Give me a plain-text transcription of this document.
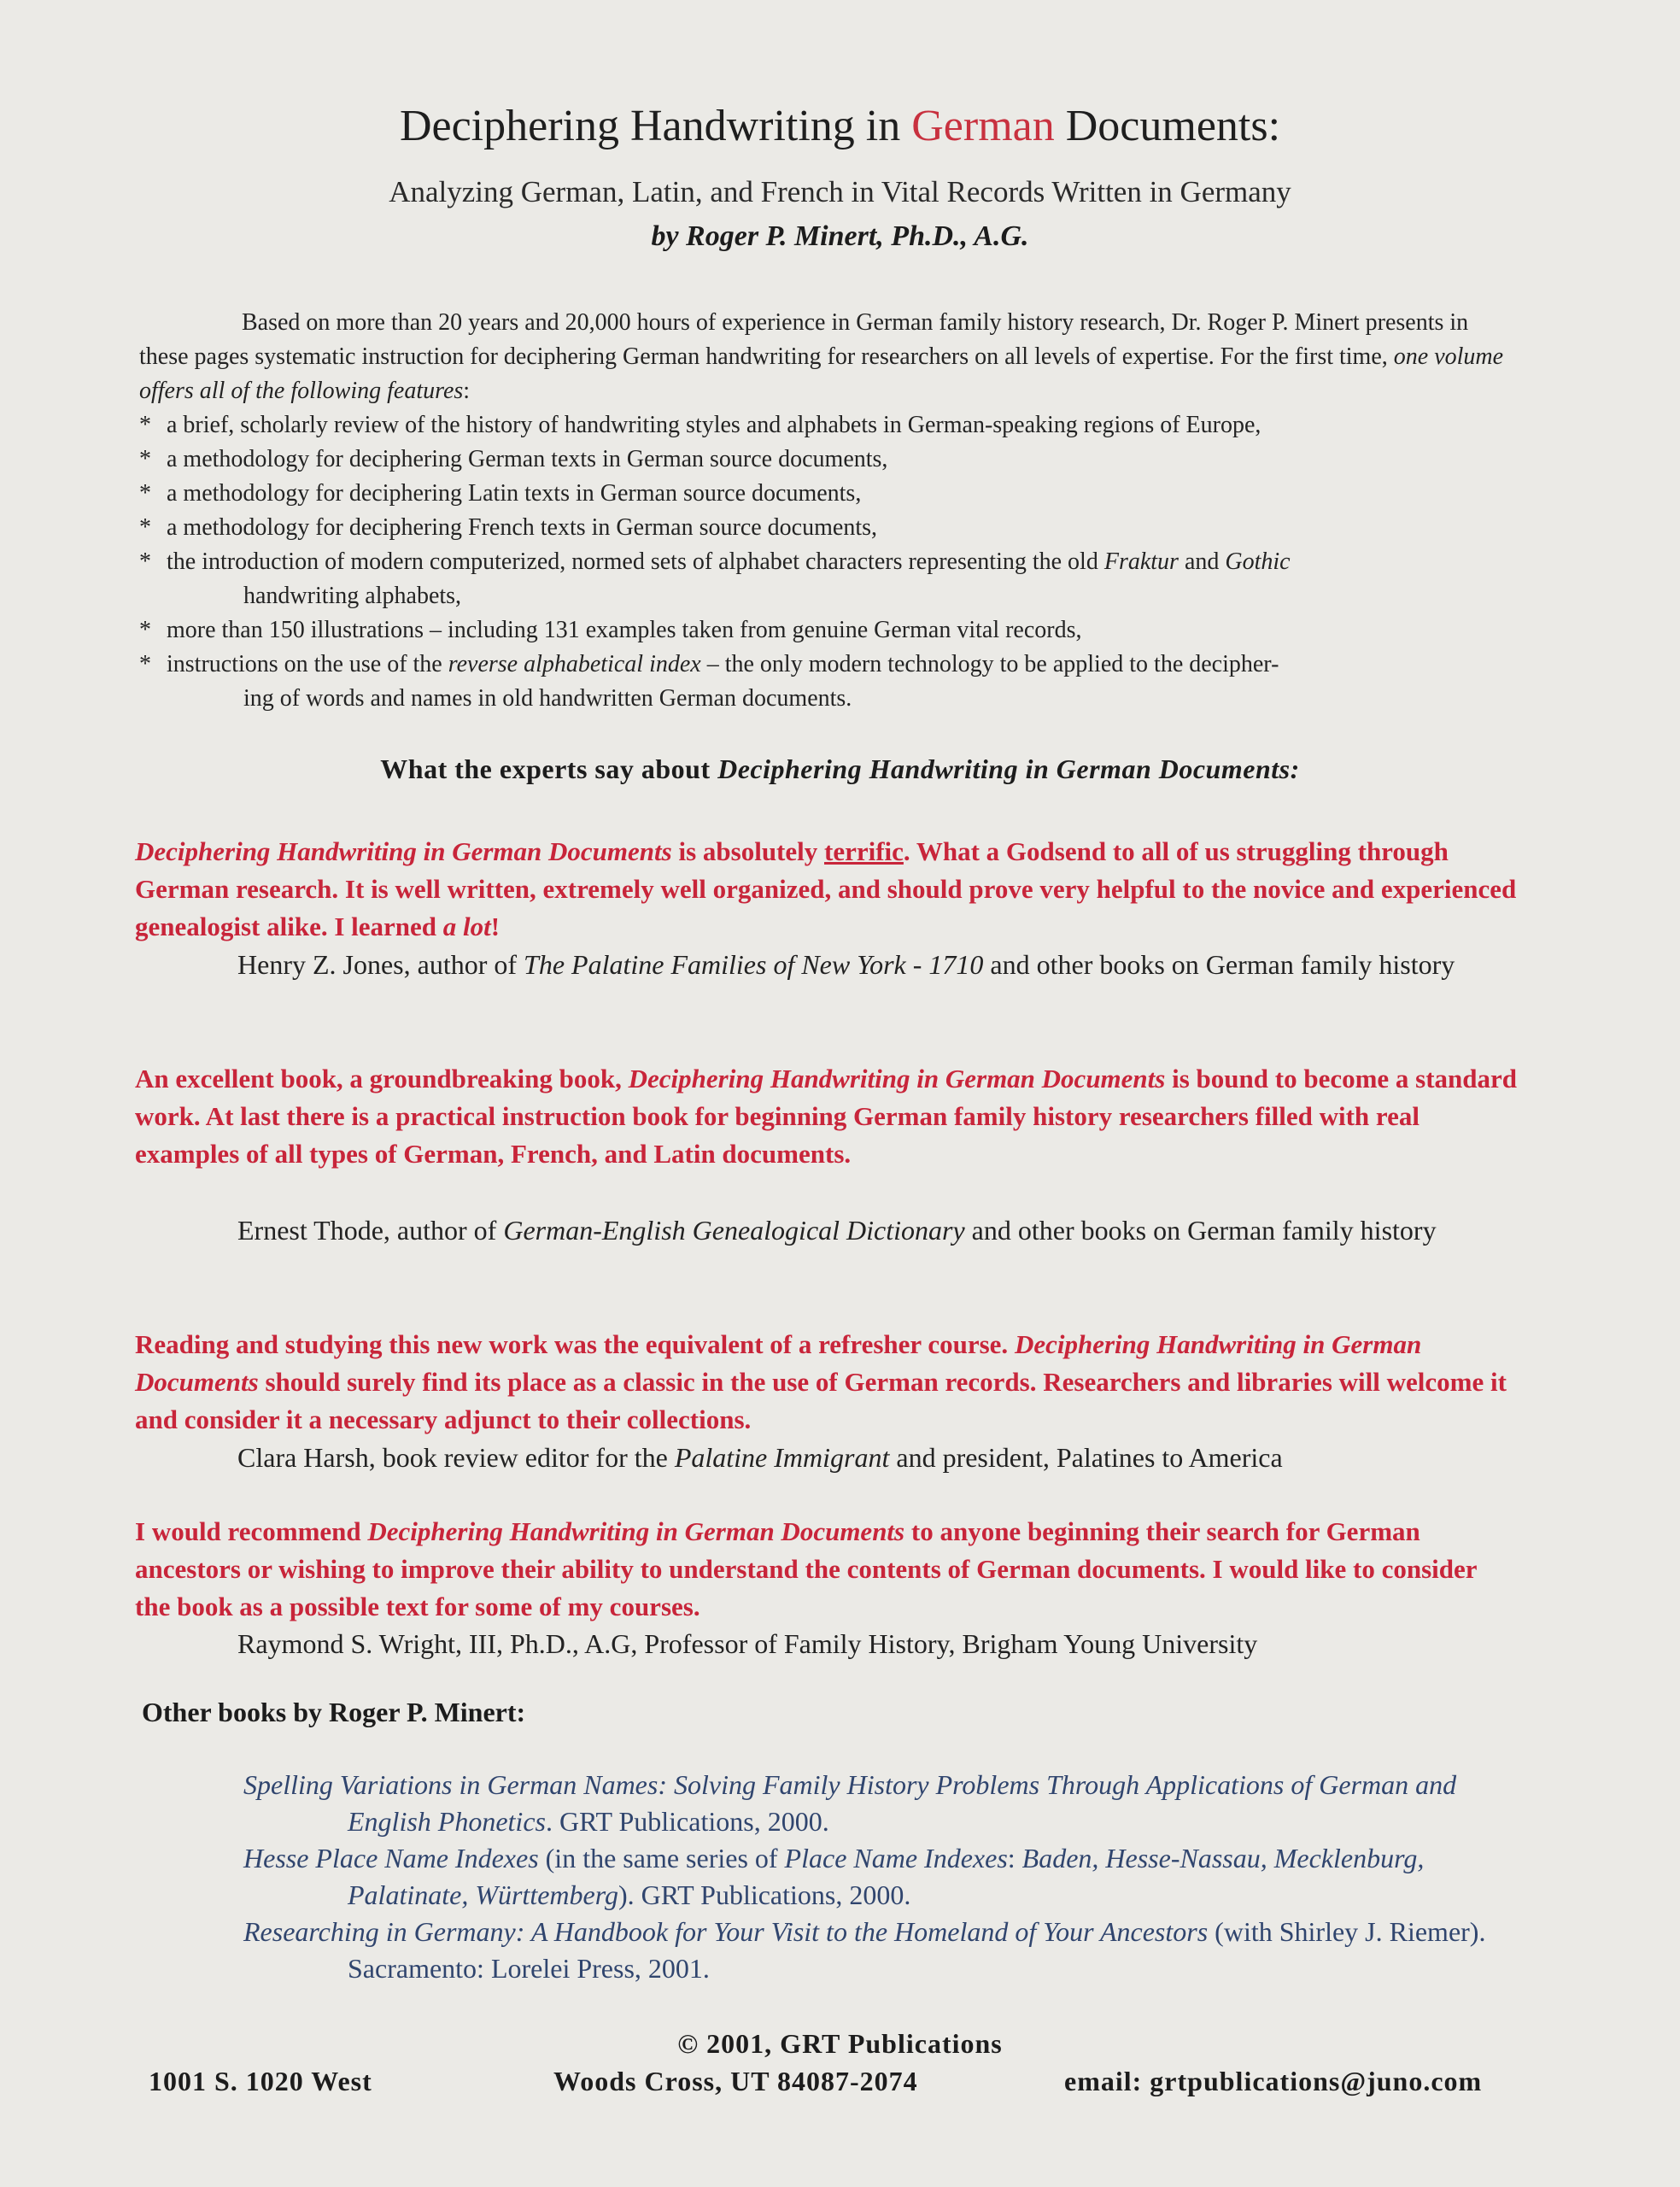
Deciphering Handwriting in German Documents:
Analyzing German, Latin, and French in Vital Records Written in Germany
by Roger P. Minert, Ph.D., A.G.
Based on more than 20 years and 20,000 hours of experience in German family history research, Dr. Roger P. Minert presents in these pages systematic instruction for deciphering German handwriting for researchers on all levels of expertise. For the first time, one volume offers all of the following features:
* a brief, scholarly review of the history of handwriting styles and alphabets in German-speaking regions of Europe,
* a methodology for deciphering German texts in German source documents,
* a methodology for deciphering Latin texts in German source documents,
* a methodology for deciphering French texts in German source documents,
* the introduction of modern computerized, normed sets of alphabet characters representing the old Fraktur and Gothic
handwriting alphabets,
* more than 150 illustrations – including 131 examples taken from genuine German vital records,
* instructions on the use of the reverse alphabetical index – the only modern technology to be applied to the decipher-
ing of words and names in old handwritten German documents.
What the experts say about Deciphering Handwriting in German Documents:
Deciphering Handwriting in German Documents is absolutely terrific. What a Godsend to all of us struggling through German research. It is well written, extremely well organized, and should prove very helpful to the novice and experienced genealogist alike. I learned a lot!
Henry Z. Jones, author of The Palatine Families of New York - 1710 and other books on German family history
An excellent book, a groundbreaking book, Deciphering Handwriting in German Documents is bound to become a standard work. At last there is a practical instruction book for beginning German family history researchers filled with real examples of all types of German, French, and Latin documents.
Ernest Thode, author of German-English Genealogical Dictionary and other books on German family history
Reading and studying this new work was the equivalent of a refresher course. Deciphering Handwriting in German Documents should surely find its place as a classic in the use of German records. Researchers and libraries will welcome it and consider it a necessary adjunct to their collections.
Clara Harsh, book review editor for the Palatine Immigrant and president, Palatines to America
I would recommend Deciphering Handwriting in German Documents to anyone beginning their search for German ancestors or wishing to improve their ability to understand the contents of German documents. I would like to consider the book as a possible text for some of my courses.
Raymond S. Wright, III, Ph.D., A.G, Professor of Family History, Brigham Young University
Other books by Roger P. Minert:
Spelling Variations in German Names: Solving Family History Problems Through Applications of German and English Phonetics. GRT Publications, 2000.
Hesse Place Name Indexes (in the same series of Place Name Indexes: Baden, Hesse-Nassau, Mecklenburg, Palatinate, Württemberg). GRT Publications, 2000.
Researching in Germany: A Handbook for Your Visit to the Homeland of Your Ancestors (with Shirley J. Riemer). Sacramento: Lorelei Press, 2001.
© 2001, GRT Publications
1001 S. 1020 West	Woods Cross, UT 84087-2074	email: grtpublications@juno.com
